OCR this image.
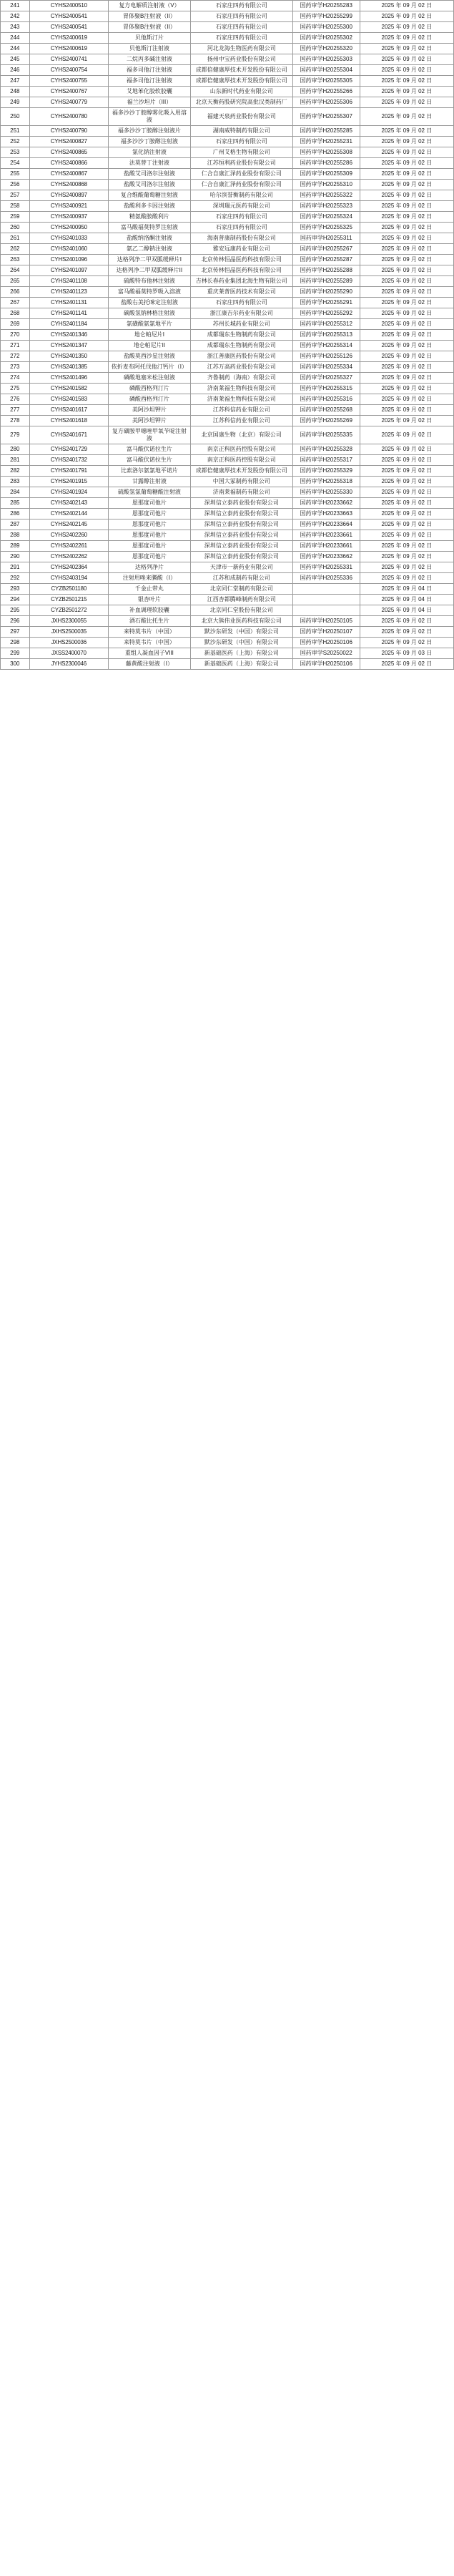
241	CYHS2400510	复方电解质注射液（V）	石家庄四药有限公司	国药审学H20255283	2025 年 09 月 02 日
242	CYHS2400541	胃体聚B注射液（II）	石家庄四药有限公司	国药审学H20255299	2025 年 09 月 02 日
243	CYHS2400541	胃体聚B注射液（II）	石家庄四药有限公司	国药审学H20255300	2025 年 09 月 02 日
244	CYHS2400619	贝他斯汀片	石家庄四药有限公司	国药审学H20255302	2025 年 09 月 02 日
244	CYHS2400619	贝他斯汀注射液	河北龙海生物医药有限公司	国药审学H20255320	2025 年 09 月 02 日
245	CYHS2400741	二烷丙多碱注射液	扬州中宝药业股份有限公司	国药审学H20255303	2025 年 09 月 02 日
246	CYHS2400754	福多司他汀注射液	成都倍健康厚技术开发股份有限公司	国药审学H20255304	2025 年 09 月 02 日
247	CYHS2400755	福多司他汀注射液	成都倍健康厚技术开发股份有限公司	国药审学H20255305	2025 年 09 月 02 日
248	CYHS2400767	艾地苯化胶软胶囊	山东新时代药业有限公司	国药审学H20255266	2025 年 09 月 02 日
249	CYHS2400779	福兰沙坦片（III）	北京天衡药股研究院高批汉类制药厂	国药审学H20255306	2025 年 09 月 02 日
250	CYHS2400780	福多沙沙丁胺醇雾化吸入用溶液	福建天泉药业股份有限公司	国药审学H20255307	2025 年 09 月 02 日
251	CYHS2400790	福多沙沙丁胺醇注射液片	湖南威特制药有限公司	国药审学H20255285	2025 年 09 月 02 日
252	CYHS2400827	福多沙沙丁胺醇注射液	石家庄四药有限公司	国药审学H20255231	2025 年 09 月 02 日
253	CYHS2400865	氯化钠注射液	广州艾格生物有限公司	国药审学H20255308	2025 年 09 月 02 日
254	CYHS2400866	法莫替丁注射液	江苏恒利药业股份有限公司	国药审学H20255286	2025 年 09 月 02 日
255	CYHS2400867	盐酸艾司洛尔注射液	仁合自康汇泽药业股份有限公司	国药审学H20255309	2025 年 09 月 02 日
256	CYHS2400868	盐酸艾司洛尔注射液	仁合自康汇泽药业股份有限公司	国药审学H20255310	2025 年 09 月 02 日
257	CYHS2400897	复合维酸葡萄糖注射液	哈尔滨誉衡制药有限公司	国药审学H20255322	2025 年 09 月 02 日
258	CYHS2400921	盐酸利多卡因注射液	深圳瑞元医药有限公司	国药审学H20255323	2025 年 09 月 02 日
259	CYHS2400937	精氨酸胺酸利片	石家庄四药有限公司	国药审学H20255324	2025 年 09 月 02 日
260	CYHS2400950	富马酸福莫特罗注射液	石家庄四药有限公司	国药审学H20255325	2025 年 09 月 02 日
261	CYHS2401033	盐酸纳洛酮注射液	海南普康制药股份有限公司	国药审学H20255311	2025 年 09 月 02 日
262	CYHS2401060	氨乙二醇钠注射液	雅安远康药业有限公司	国药审学H20255267	2025 年 09 月 02 日
263	CYHS2401096	达格列净二甲双胍缓释片I	北京传林恒晶医药科技有限公司	国药审学H20255287	2025 年 09 月 02 日
264	CYHS2401097	达格列净二甲双胍缓释片II	北京传林恒晶医药科技有限公司	国药审学H20255288	2025 年 09 月 02 日
265	CYHS2401108	硫酸特布他林注射液	吉林长春药业集团北海生物有限公司	国药审学H20255289	2025 年 09 月 02 日
266	CYHS2401123	富马酸福莫特罗吸入溶液	重庆莱普医药技术有限公司	国药审学H20255290	2025 年 09 月 02 日
267	CYHS2401131	盐酸右美托咪定注射液	石家庄四药有限公司	国药审学H20255291	2025 年 09 月 02 日
268	CYHS2401141	碳酸氢钠林格注射液	浙江康吉尔药业有限公司	国药审学H20255292	2025 年 09 月 02 日
269	CYHS2401184	氯磺酸氨氯地平片	苏州长城药业有限公司	国药审学H20255312	2025 年 09 月 02 日
270	CYHS2401346	地仑帕尼片I	成都瑞东生物制药有限公司	国药审学H20255313	2025 年 09 月 02 日
271	CYHS2401347	地仑帕尼片II	成都瑞东生物制药有限公司	国药审学H20255314	2025 年 09 月 02 日
272	CYHS2401350	盐酸莫西沙星注射液	浙江善康医药股份有限公司	国药审学H20255126	2025 年 09 月 02 日
273	CYHS2401385	依折麦布阿托伐他汀钙片（I）	江苏万高药业股份有限公司	国药审学H20255334	2025 年 09 月 02 日
274	CYHS2401496	磷酸地塞米松注射液	齐鲁制药（海南）有限公司	国药审学H20255327	2025 年 09 月 02 日
275	CYHS2401582	磷酸西格列汀片	济南莱福生物科技有限公司	国药审学H20255315	2025 年 09 月 02 日
276	CYHS2401583	磷酸西格列汀片	济南莱福生物科技有限公司	国药审学H20255316	2025 年 09 月 02 日
277	CYHS2401617	美阿沙坦钾片	江苏科信药业有限公司	国药审学H20255268	2025 年 09 月 02 日
278	CYHS2401618	美阿沙坦钾片	江苏科信药业有限公司	国药审学H20255269	2025 年 09 月 02 日
279	CYHS2401671	复方磺胺甲噁唑甲氧苄啶注射液	北京国康生物（北京）有限公司	国药审学H20255335	2025 年 09 月 02 日
280	CYHS2401729	富马酸伏诺拉生片	南京正科医药控股有限公司	国药审学H20255328	2025 年 09 月 02 日
281	CYHS2401732	富马酸伏诺拉生片	南京正科医药控股有限公司	国药审学H20255317	2025 年 09 月 02 日
282	CYHS2401791	比索洛尔氨氯地平诺片	成都倍健康厚技术开发股份有限公司	国药审学H20255329	2025 年 09 月 02 日
283	CYHS2401915	甘露醇注射液	中国大冢制药有限公司	国药审学H20255318	2025 年 09 月 02 日
284	CYHS2401924	硫酸氢氯葡萄糖酸注射液	济南莱福制药有限公司	国药审学H20255330	2025 年 09 月 02 日
285	CYHS2402143	恩那度司他片	深圳信立泰药业股份有限公司	国药审学H20233662	2025 年 09 月 02 日
286	CYHS2402144	恩那度司他片	深圳信立泰药业股份有限公司	国药审学H20233663	2025 年 09 月 02 日
287	CYHS2402145	恩那度司他片	深圳信立泰药业股份有限公司	国药审学H20233664	2025 年 09 月 02 日
288	CYHS2402260	恩那度司他片	深圳信立泰药业股份有限公司	国药审学H20233661	2025 年 09 月 02 日
289	CYHS2402261	恩那度司他片	深圳信立泰药业股份有限公司	国药审学H20233661	2025 年 09 月 02 日
290	CYHS2402262	恩那度司他片	深圳信立泰药业股份有限公司	国药审学H20233662	2025 年 09 月 02 日
291	CYHS2402364	达格列净片	天津市一新药业有限公司	国药审学H20255331	2025 年 09 月 02 日
292	CYHS2403194	注射用唑来膦酸（I）	江苏和成制药有限公司	国药审学H20255336	2025 年 09 月 02 日
293	CYZB2501180	千金止带丸	北京同仁堂制药有限公司		2025 年 09 月 04 日
294	CYZB2501215	银杏叶片	江西杏都腾峰制药有限公司		2025 年 09 月 04 日
295	CYZB2501272	补血调理软胶囊	北京同仁堂股份有限公司		2025 年 09 月 04 日
296	JXHS2300055	酒石酸比托生片	北京大熊伟业医药科技有限公司	国药审学H20250105	2025 年 09 月 02 日
297	JXHS2500035	来特莫韦片（中国）	默沙东研发（中国）有限公司	国药审学H20250107	2025 年 09 月 02 日
298	JXHS2500036	来特莫韦片（中国）	默沙东研发（中国）有限公司	国药审学H20250106	2025 年 09 月 02 日
299	JXSS2400070	重组人凝血因子VIII	新基础医药（上海）有限公司	国药审学S20250022	2025 年 09 月 03 日
300	JYHS2300046	藤黄酸注射液（I）	新基础医药（上海）有限公司	国药审学H20250106	2025 年 09 月 02 日
